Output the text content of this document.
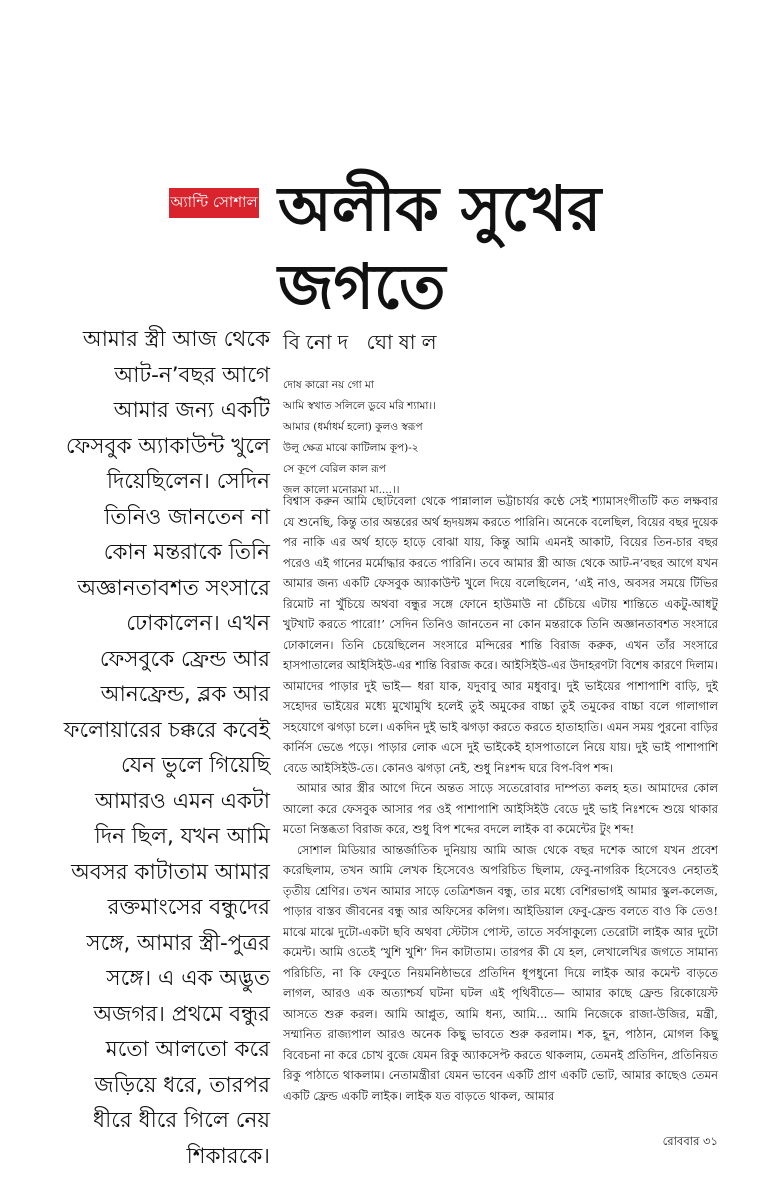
অ্যান্টি সোশাল অলীক সুখের জগতে

আমার স্ত্রী আজ থেকে আট-ন’বছর আগে আমার জন্য একটি ফেসবুক অ্যাকাউন্ট খুলে দিয়েছিলেন। সেদিন তিনিও জানতেন না কোন মন্তরাকে তিনি অজ্ঞানতাবশত সংসারে ঢোকালেন। এখন ফেসবুকে ফ্রেন্ড আর আনফ্রেন্ড, ব্লক আর ফলোয়ারের চক্করে কবেই যেন ভুলে গিয়েছি আমারও এমন একটা দিন ছিল, যখন আমি অবসর কাটাতাম আমার রক্তমাংসের বন্ধুদের সঙ্গে, আমার স্ত্রী-পুত্রর সঙ্গে। এ এক অদ্ভুত অজগর। প্রথমে বন্ধুর মতো আলতো করে জড়িয়ে ধরে, তারপর ধীরে ধীরে গিলে নেয় শিকারকে।

বিনোদ ঘোষাল

দোষ কারো নয় গো মা
আমি স্বখাত সলিলে ডুবে মরি শ্যামা।।
আমার (ধর্মাধর্ম হলো) কুলও স্বরূপ
উলু ক্ষেত্র মাঝে কাটিলাম কূপ)-২
সে কূপে বেরিল কাল রূপ
জল কালো মনোরমা মা....।।

বিশ্বাস করুন আমি ছোটবেলা থেকে পান্নালাল ভট্টাচার্যর কণ্ঠে সেই শ্যামাসংগীতটি কত লক্ষবার যে শুনেছি, কিন্তু তার অন্তরের অর্থ হৃদয়ঙ্গম করতে পারিনি। অনেকে বলেছিল, বিয়ের বছর দুয়েক পর নাকি এর অর্থ হাড়ে হাড়ে বোঝা যায়, কিন্তু আমি এমনই আকাট, বিয়ের তিন-চার বছর পরেও এই গানের মর্মোদ্ধার করতে পারিনি। তবে আমার স্ত্রী আজ থেকে আট-ন’বছর আগে যখন আমার জন্য একটি ফেসবুক অ্যাকাউন্ট খুলে দিয়ে বলেছিলেন, ‘এই নাও, অবসর সময়ে টিভির রিমোট না খুঁচিয়ে অথবা বন্ধুর সঙ্গে ফোনে হাউমাউ না চেঁচিয়ে এটায় শান্তিতে একটু-আধটু খুটখাট করতে পারো!’ সেদিন তিনিও জানতেন না কোন মন্তরাকে তিনি অজ্ঞানতাবশত সংসারে ঢোকালেন। তিনি চেয়েছিলেন সংসারে মন্দিরের শান্তি বিরাজ করুক, এখন তাঁর সংসারে হাসপাতালের আইসিইউ-এর শান্তি বিরাজ করে। আইসিইউ-এর উদাহরণটা বিশেষ কারণে দিলাম। আমাদের পাড়ার দুই ভাই— ধরা যাক, যদুবাবু আর মধুবাবু। দুই ভাইয়ের পাশাপাশি বাড়ি, দুই সহোদর ভাইয়ের মধ্যে মুখোমুখি হলেই তুই অমুকের বাচ্চা তুই তমুকের বাচ্চা বলে গালাগাল সহযোগে ঝগড়া চলে। একদিন দুই ভাই ঝগড়া করতে করতে হাতাহাতি। এমন সময় পুরনো বাড়ির কার্নিস ভেঙে পড়ে। পাড়ার লোক এসে দুই ভাইকেই হাসপাতালে নিয়ে যায়। দুই ভাই পাশাপাশি বেডে আইসিইউ-তে। কোনও ঝগড়া নেই, শুধু নিঃশব্দ ঘরে বিপ-বিপ শব্দ।

আমার আর স্ত্রীর আগে দিনে অন্তত সাড়ে সতেরোবার দাম্পত্য কলহ হত। আমাদের কোল আলো করে ফেসবুক আসার পর ওই পাশাপাশি আইসিইউ বেডে দুই ভাই নিঃশব্দে শুয়ে থাকার মতো নিস্তব্ধতা বিরাজ করে, শুধু বিপ শব্দের বদলে লাইক বা কমেন্টের টুং শব্দ!

সোশাল মিডিয়ার আন্তর্জাতিক দুনিয়ায় আমি আজ থেকে বছর দশেক আগে যখন প্রবেশ করেছিলাম, তখন আমি লেখক হিসেবেও অপরিচিত ছিলাম, ফেবু-নাগরিক হিসেবেও নেহাতই তৃতীয় শ্রেণির। তখন আমার সাড়ে তেত্রিশজন বন্ধু, তার মধ্যে বেশিরভাগই আমার স্কুল-কলেজ, পাড়ার বাস্তব জীবনের বন্ধু আর অফিসের কলিগ। আইডিয়াল ফেবু-ফ্রেন্ড বলতে বাও কি তেও! মাঝে মাঝে দুটো-একটা ছবি অথবা স্টেটাস পোস্ট, তাতে সর্বসাকুল্যে তেরোটা লাইক আর দুটো কমেন্ট। আমি ওতেই ‘খুশি খুশি’ দিন কাটাতাম। তারপর কী যে হল, লেখালেখির জগতে সামান্য পরিচিতি, না কি ফেবুতে নিয়মনিষ্ঠাভরে প্রতিদিন ধূপধুনো দিয়ে লাইক আর কমেন্ট বাড়তে লাগল, আরও এক অত্যাশ্চর্য ঘটনা ঘটল এই পৃথিবীতে— আমার কাছে ফ্রেন্ড রিকোয়েস্ট আসতে শুরু করল। আমি আপ্লুত, আমি ধন্য, আমি... আমি নিজেকে রাজা-উজির, মন্ত্রী, সম্মানিত রাজ্যপাল আরও অনেক কিছু ভাবতে শুরু করলাম। শক, হূন, পাঠান, মোগল কিছু বিবেচনা না করে চোখ বুজে যেমন রিকু অ্যাকসেপ্ট করতে থাকলাম, তেমনই প্রতিদিন, প্রতিনিয়ত রিকু পাঠাতে থাকলাম। নেতামন্ত্রীরা যেমন ভাবেন একটি প্রাণ একটি ভোট, আমার কাছেও তেমন একটি ফ্রেন্ড একটি লাইক। লাইক যত বাড়তে থাকল, আমার

রোববার ৩১
